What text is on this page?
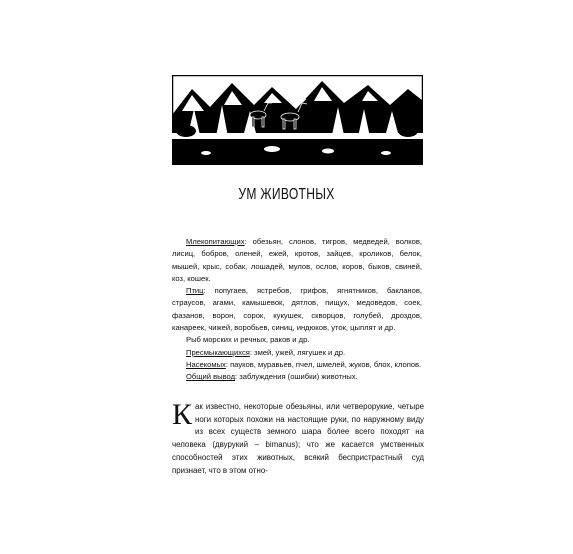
УМ ЖИВОТНЫХ

Млекопитающих: обезьян, слонов, тигров, медведей, волков, лисиц, бобров, оленей, ежей, кротов, зайцев, кроликов, белок, мышей, крыс, собак, лошадей, мулов, ослов, коров, быков, свиней, коз, кошек.

Птиц: попугаев, ястребов, грифов, ягнятников, бакланов, страусов, агами, камышевок, дятлов, пищух, медоведов, соек, фазанов, ворон, сорок, кукушек, скворцов, голубей, дроздов, канареек, чижей, воробьев, синиц, индюков, уток, цыплят и др.

Рыб морских и речных, раков и др.

Пресмыкающихся: змей, ужей, лягушек и др.

Насекомых: пауков, муравьев, пчел, шмелей, жуков, блох, клопов.

Общий вывод: заблуждения (ошибки) животных.

Как известно, некоторые обезьяны, или четверорукие, четыре ноги которых похожи на настоящие руки, по наружному виду из всех существ земного шара более всего походят на человека (двурукий – bimanus); что же касается умственных способностей этих животных, всякий беспристрастный суд признает, что в этом отно-
